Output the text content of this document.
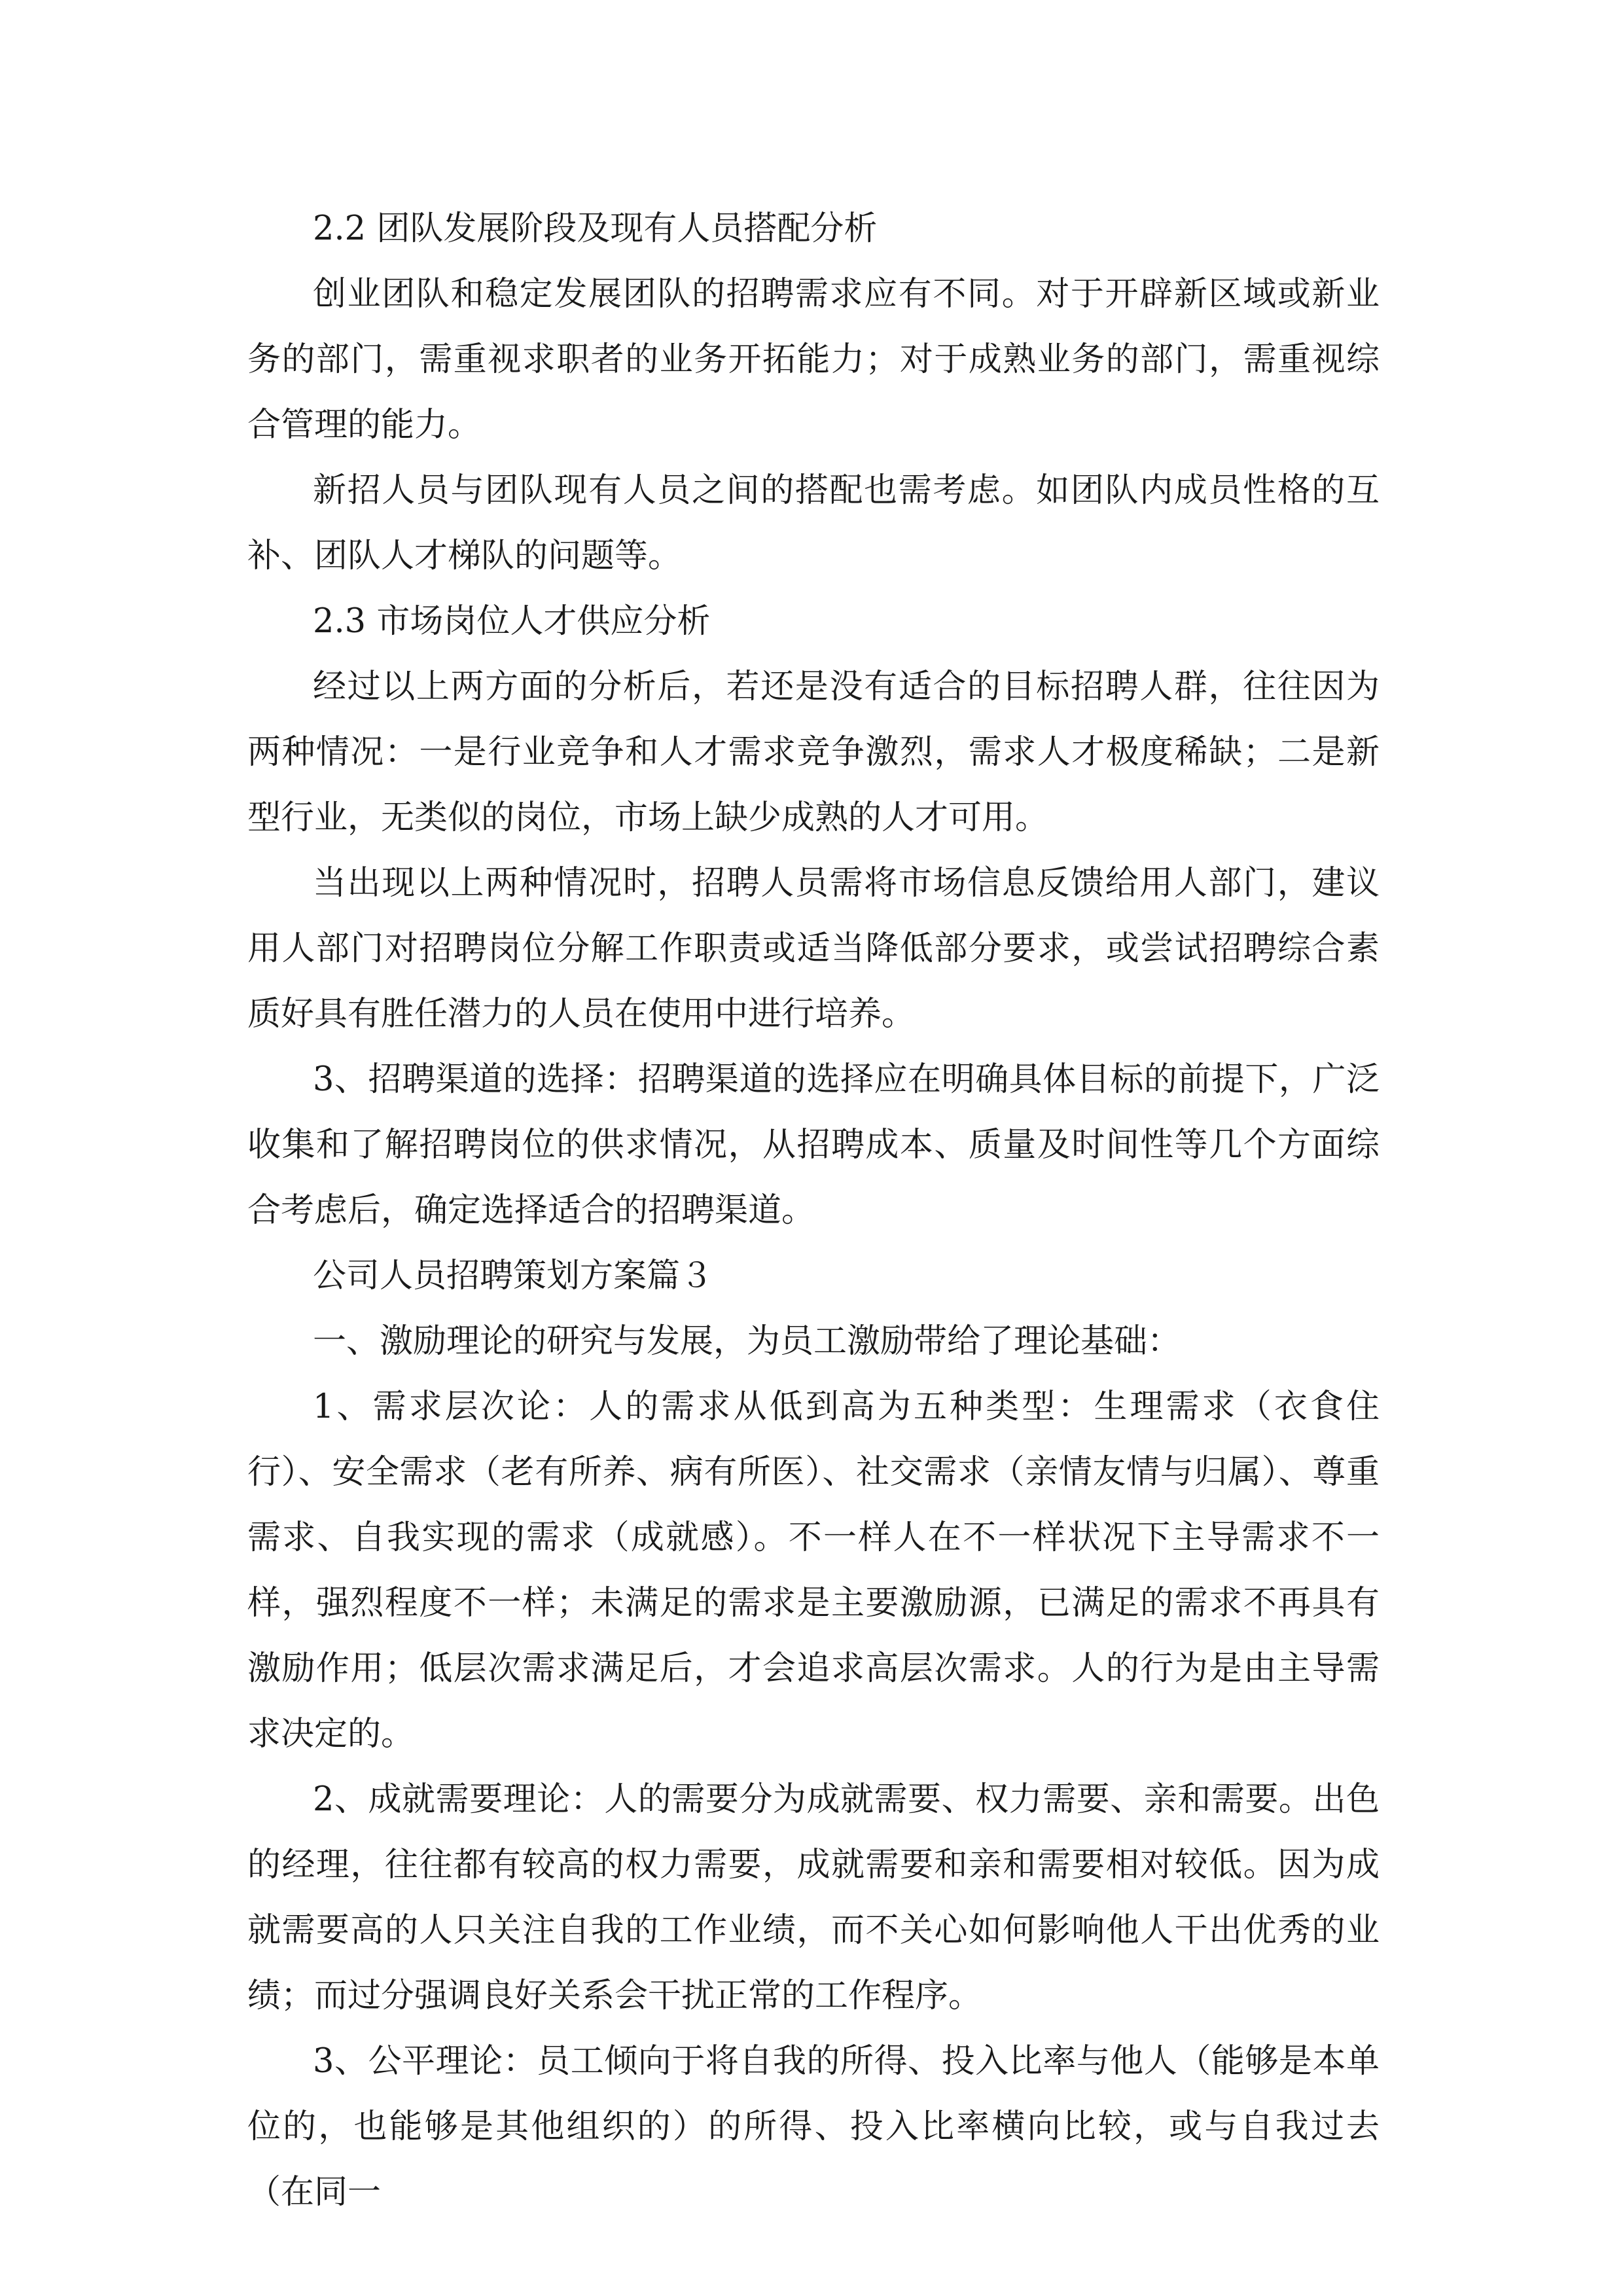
2.2 团队发展阶段及现有人员搭配分析

创业团队和稳定发展团队的招聘需求应有不同。对于开辟新区域或新业务的部门，需重视求职者的业务开拓能力；对于成熟业务的部门，需重视综合管理的能力。

新招人员与团队现有人员之间的搭配也需考虑。如团队内成员性格的互补、团队人才梯队的问题等。

2.3 市场岗位人才供应分析

经过以上两方面的分析后，若还是没有适合的目标招聘人群，往往因为两种情况：一是行业竞争和人才需求竞争激烈，需求人才极度稀缺；二是新型行业，无类似的岗位，市场上缺少成熟的人才可用。

当出现以上两种情况时，招聘人员需将市场信息反馈给用人部门，建议用人部门对招聘岗位分解工作职责或适当降低部分要求，或尝试招聘综合素质好具有胜任潜力的人员在使用中进行培养。

3、招聘渠道的选择：招聘渠道的选择应在明确具体目标的前提下，广泛收集和了解招聘岗位的供求情况，从招聘成本、质量及时间性等几个方面综合考虑后，确定选择适合的招聘渠道。

公司人员招聘策划方案篇３

一、激励理论的研究与发展，为员工激励带给了理论基础：

1、需求层次论：人的需求从低到高为五种类型：生理需求（衣食住行）、安全需求（老有所养、病有所医）、社交需求（亲情友情与归属）、尊重需求、自我实现的需求（成就感）。不一样人在不一样状况下主导需求不一样，强烈程度不一样；未满足的需求是主要激励源，已满足的需求不再具有激励作用；低层次需求满足后，才会追求高层次需求。人的行为是由主导需求决定的。

2、成就需要理论：人的需要分为成就需要、权力需要、亲和需要。出色的经理，往往都有较高的权力需要，成就需要和亲和需要相对较低。因为成就需要高的人只关注自我的工作业绩，而不关心如何影响他人干出优秀的业绩；而过分强调良好关系会干扰正常的工作程序。

3、公平理论：员工倾向于将自我的所得、投入比率与他人（能够是本单位的，也能够是其他组织的）的所得、投入比率横向比较，或与自我过去（在同一
